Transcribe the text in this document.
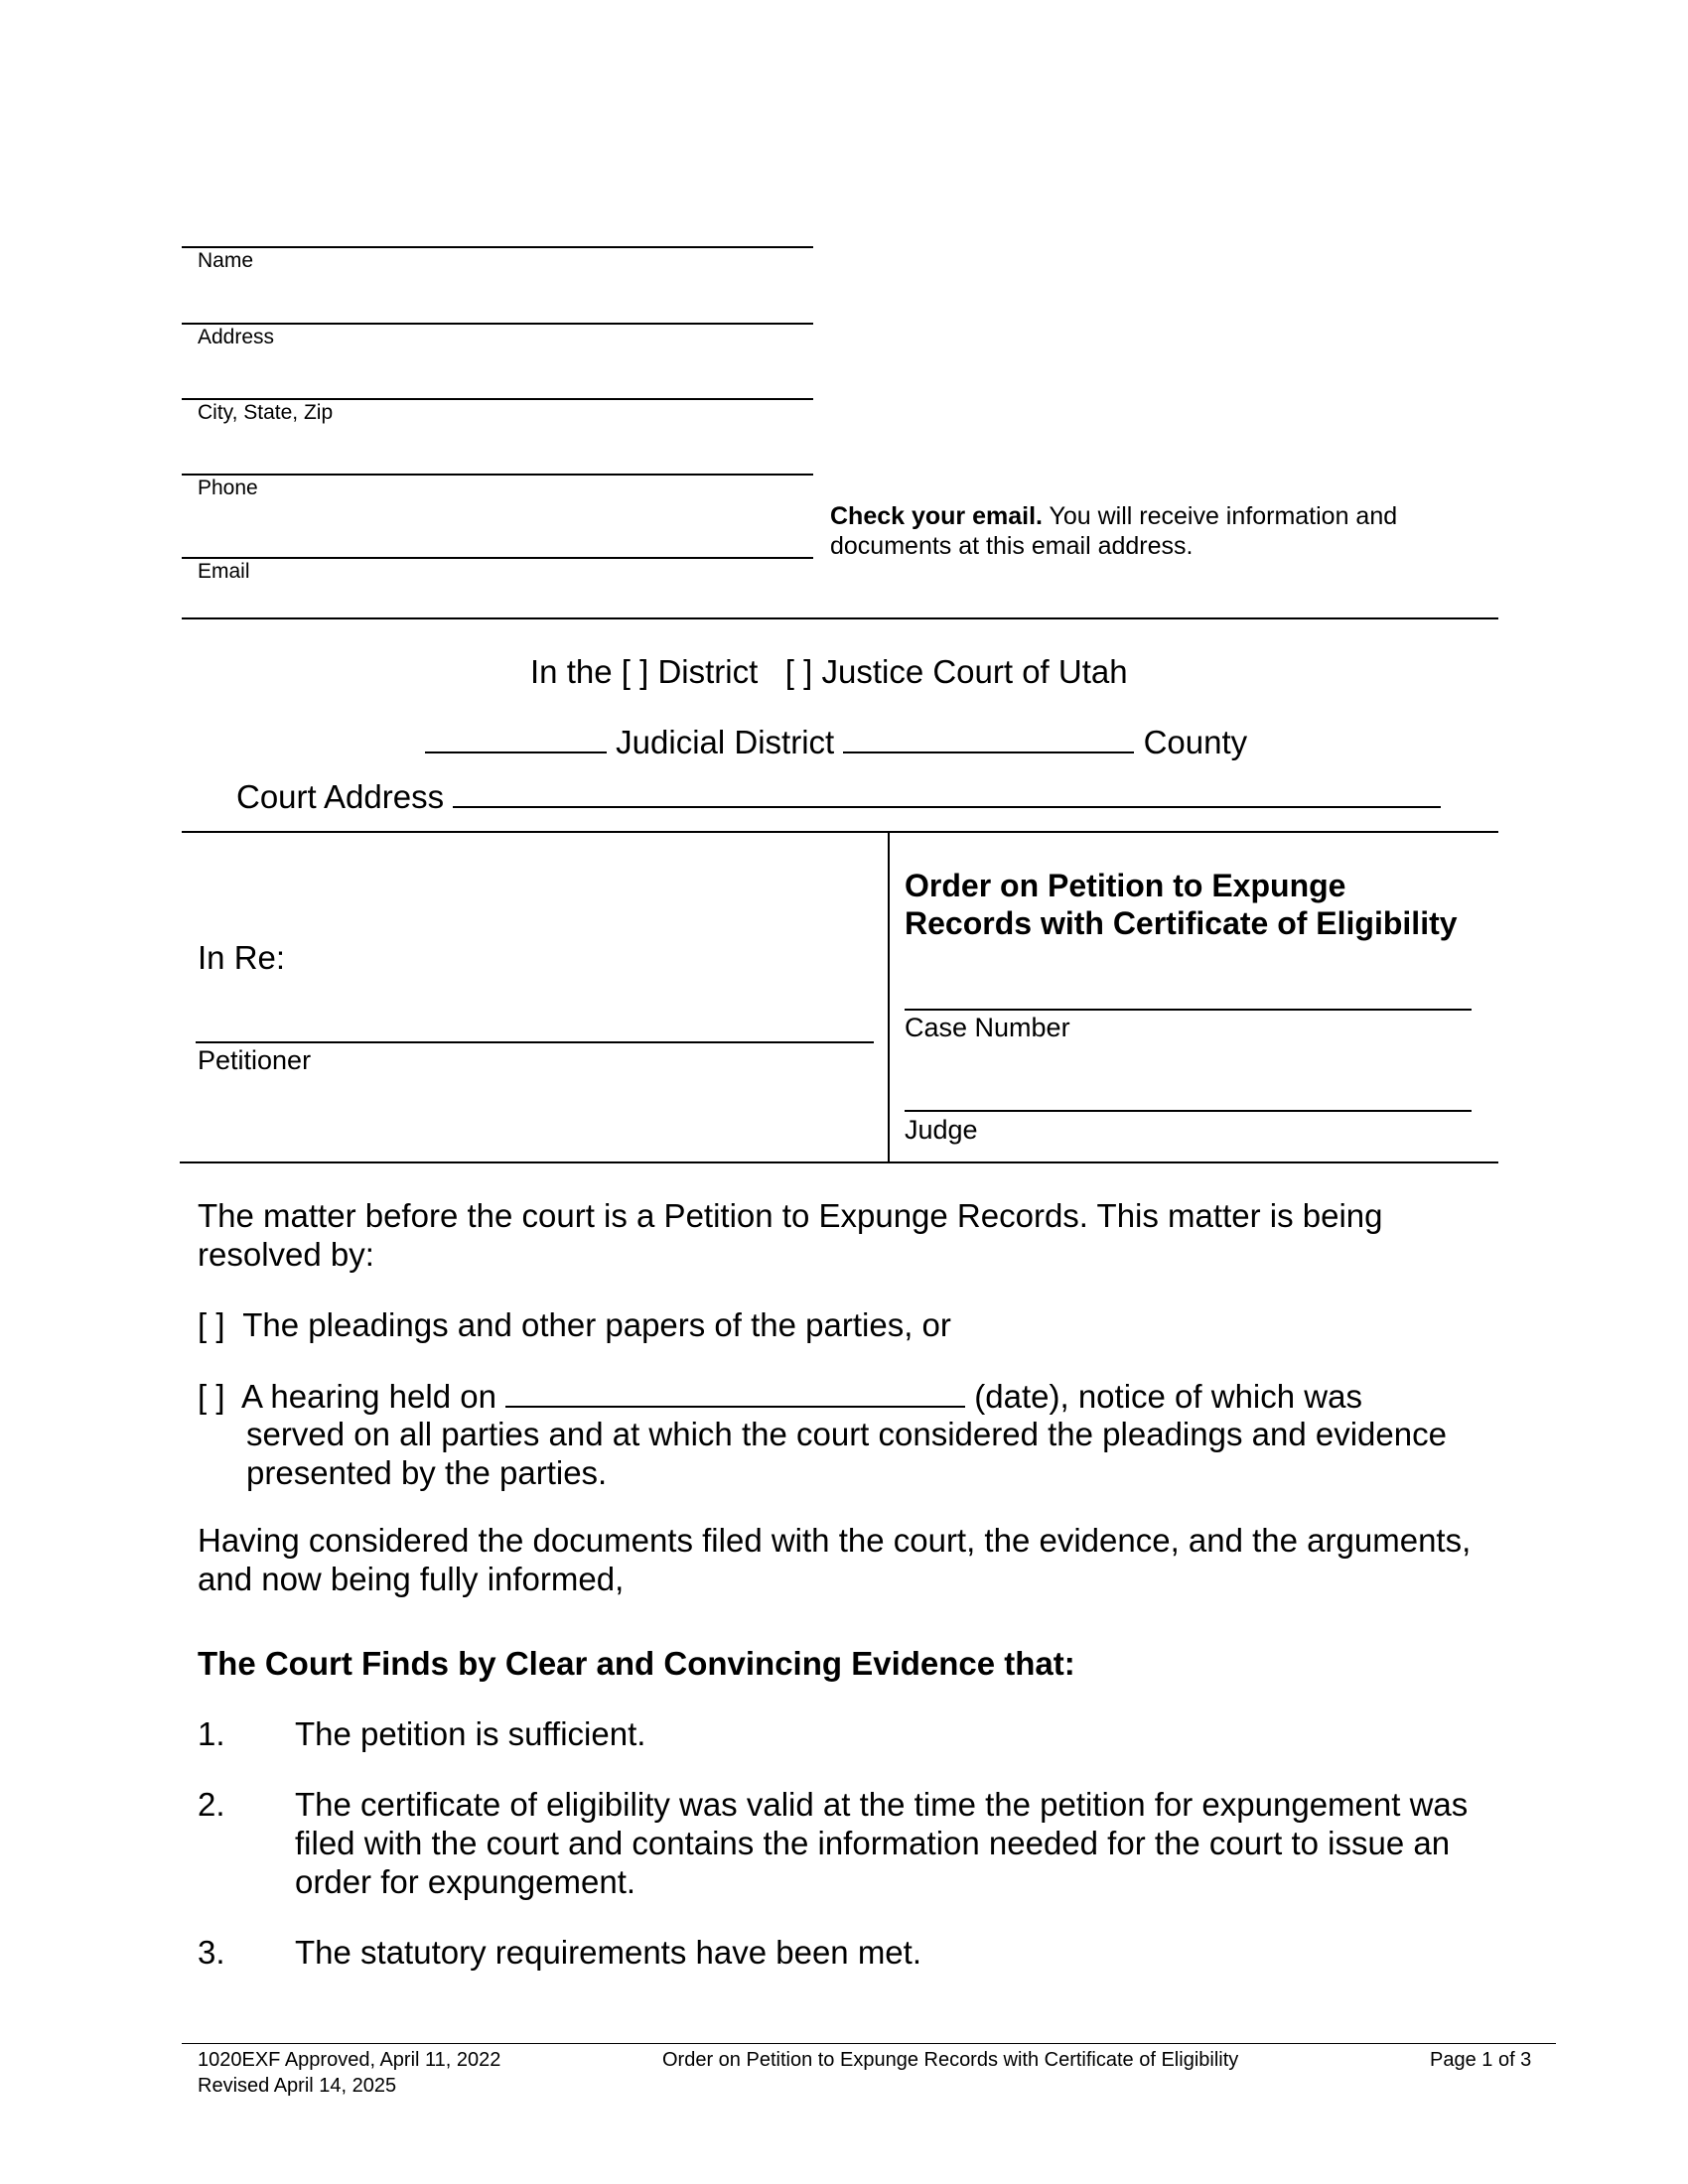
Name
Address
City, State, Zip
Phone
Email
Check your email. You will receive information and
documents at this email address.
In the [ ] District [ ] Justice Court of Utah
Judicial District	County
Court Address
In Re:
Petitioner
Order on Petition to Expunge
Records with Certificate of Eligibility
Case Number
Judge
The matter before the court is a Petition to Expunge Records. This matter is being
resolved by:
[ ] The pleadings and other papers of the parties, or
[ ] A hearing held on	(date), notice of which was
served on all parties and at which the court considered the pleadings and evidence
presented by the parties.
Having considered the documents filed with the court, the evidence, and the arguments,
and now being fully informed,
The Court Finds by Clear and Convincing Evidence that:
1. The petition is sufficient.
2. The certificate of eligibility was valid at the time the petition for expungement was
filed with the court and contains the information needed for the court to issue an
order for expungement.
3. The statutory requirements have been met.
1020EXF Approved, April 11, 2022
Revised April 14, 2025
Order on Petition to Expunge Records with Certificate of Eligibility	Page 1 of 3
